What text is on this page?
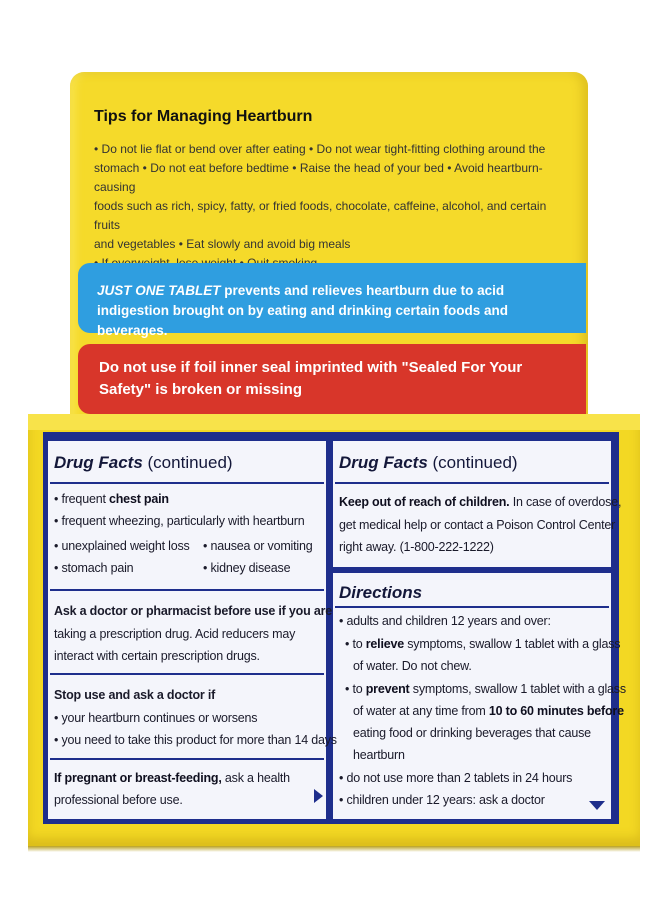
Tips for Managing Heartburn

• Do not lie flat or bend over after eating • Do not wear tight-fitting clothing around the

stomach • Do not eat before bedtime • Raise the head of your bed • Avoid heartburn-causing

foods such as rich, spicy, fatty, or fried foods, chocolate, caffeine, alcohol, and certain fruits

and vegetables • Eat slowly and avoid big meals

JUST ONE TABLET prevents and relieves heartburn due to acid indigestion brought on by eating and drinking certain foods and beverages.
Do not use if foil inner seal imprinted with "Sealed For Your Safety" is broken or missing
Drug Facts (continued)
• frequent chest pain
• frequent wheezing, particularly with heartburn
• unexplained weight loss • nausea or vomiting
• stomach pain	• kidney disease
Ask a doctor or pharmacist before use if you are
taking a prescription drug. Acid reducers may
interact with certain prescription drugs.
Stop use and ask a doctor if
• your heartburn continues or worsens
• you need to take this product for more than 14 days
If pregnant or breast-feeding, ask a health
professional before use.
Drug Facts (continued)
Keep out of reach of children. In case of overdose,
get medical help or contact a Poison Control Center
right away. (1-800-222-1222)
Directions
• adults and children 12 years and over:
• to relieve symptoms, swallow 1 tablet with a glass
of water. Do not chew.
• to prevent symptoms, swallow 1 tablet with a glass
of water at any time from 10 to 60 minutes before
eating food or drinking beverages that cause
heartburn
• do not use more than 2 tablets in 24 hours
• children under 12 years: ask a doctor
